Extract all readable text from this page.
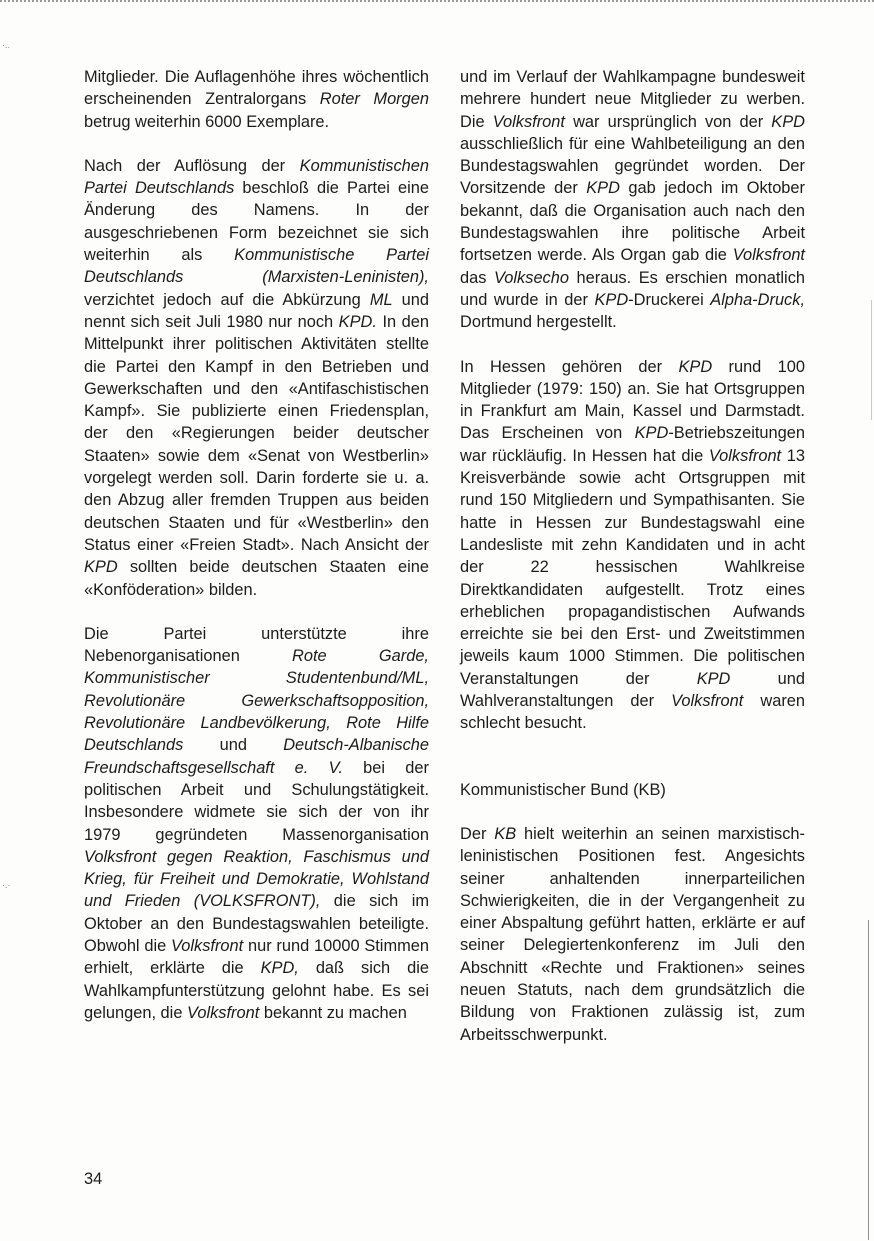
·..
·.·

Mitglieder. Die Auflagenhöhe ihres wöchentlich erscheinenden Zentralorgans Roter Morgen betrug weiterhin 6000 Exemplare.

Nach der Auflösung der Kommunistischen Partei Deutschlands beschloß die Partei eine Änderung des Namens. In der ausgeschriebenen Form bezeichnet sie sich weiterhin als Kommunistische Partei Deutschlands (Marxisten-Leninisten), verzichtet jedoch auf die Abkürzung ML und nennt sich seit Juli 1980 nur noch KPD. In den Mittelpunkt ihrer politischen Aktivitäten stellte die Partei den Kampf in den Betrieben und Gewerkschaften und den «Antifaschistischen Kampf». Sie publizierte einen Friedensplan, der den «Regierungen beider deutscher Staaten» sowie dem «Senat von Westberlin» vorgelegt werden soll. Darin forderte sie u. a. den Abzug aller fremden Truppen aus beiden deutschen Staaten und für «Westberlin» den Status einer «Freien Stadt». Nach Ansicht der KPD sollten beide deutschen Staaten eine «Konföderation» bilden.

Die Partei unterstützte ihre Nebenorganisationen Rote Garde, Kommunistischer Studentenbund/ML, Revolutionäre Gewerkschaftsopposition, Revolutionäre Landbevölkerung, Rote Hilfe Deutschlands und Deutsch-Albanische Freundschaftsgesellschaft e. V. bei der politischen Arbeit und Schulungstätigkeit. Insbesondere widmete sie sich der von ihr 1979 gegründeten Massenorganisation Volksfront gegen Reaktion, Faschismus und Krieg, für Freiheit und Demokratie, Wohlstand und Frieden (VOLKSFRONT), die sich im Oktober an den Bundestagswahlen beteiligte. Obwohl die Volksfront nur rund 10000 Stimmen erhielt, erklärte die KPD, daß sich die Wahlkampfunterstützung gelohnt habe. Es sei gelungen, die Volksfront bekannt zu machen

und im Verlauf der Wahlkampagne bundesweit mehrere hundert neue Mitglieder zu werben. Die Volksfront war ursprünglich von der KPD ausschließlich für eine Wahlbeteiligung an den Bundestagswahlen gegründet worden. Der Vorsitzende der KPD gab jedoch im Oktober bekannt, daß die Organisation auch nach den Bundestagswahlen ihre politische Arbeit fortsetzen werde. Als Organ gab die Volksfront das Volksecho heraus. Es erschien monatlich und wurde in der KPD-Druckerei Alpha-Druck, Dortmund hergestellt.

In Hessen gehören der KPD rund 100 Mitglieder (1979: 150) an. Sie hat Ortsgruppen in Frankfurt am Main, Kassel und Darmstadt. Das Erscheinen von KPD-Betriebszeitungen war rückläufig. In Hessen hat die Volksfront 13 Kreisverbände sowie acht Ortsgruppen mit rund 150 Mitgliedern und Sympathisanten. Sie hatte in Hessen zur Bundestagswahl eine Landesliste mit zehn Kandidaten und in acht der 22 hessischen Wahlkreise Direktkandidaten aufgestellt. Trotz eines erheblichen propagandistischen Aufwands erreichte sie bei den Erst- und Zweitstimmen jeweils kaum 1000 Stimmen. Die politischen Veranstaltungen der KPD und Wahlveranstaltungen der Volksfront waren schlecht besucht.

Kommunistischer Bund (KB)

Der KB hielt weiterhin an seinen marxistisch-leninistischen Positionen fest. Angesichts seiner anhaltenden innerparteilichen Schwierigkeiten, die in der Vergangenheit zu einer Abspaltung geführt hatten, erklärte er auf seiner Delegiertenkonferenz im Juli den Abschnitt «Rechte und Fraktionen» seines neuen Statuts, nach dem grundsätzlich die Bildung von Fraktionen zulässig ist, zum Arbeitsschwerpunkt.

34
